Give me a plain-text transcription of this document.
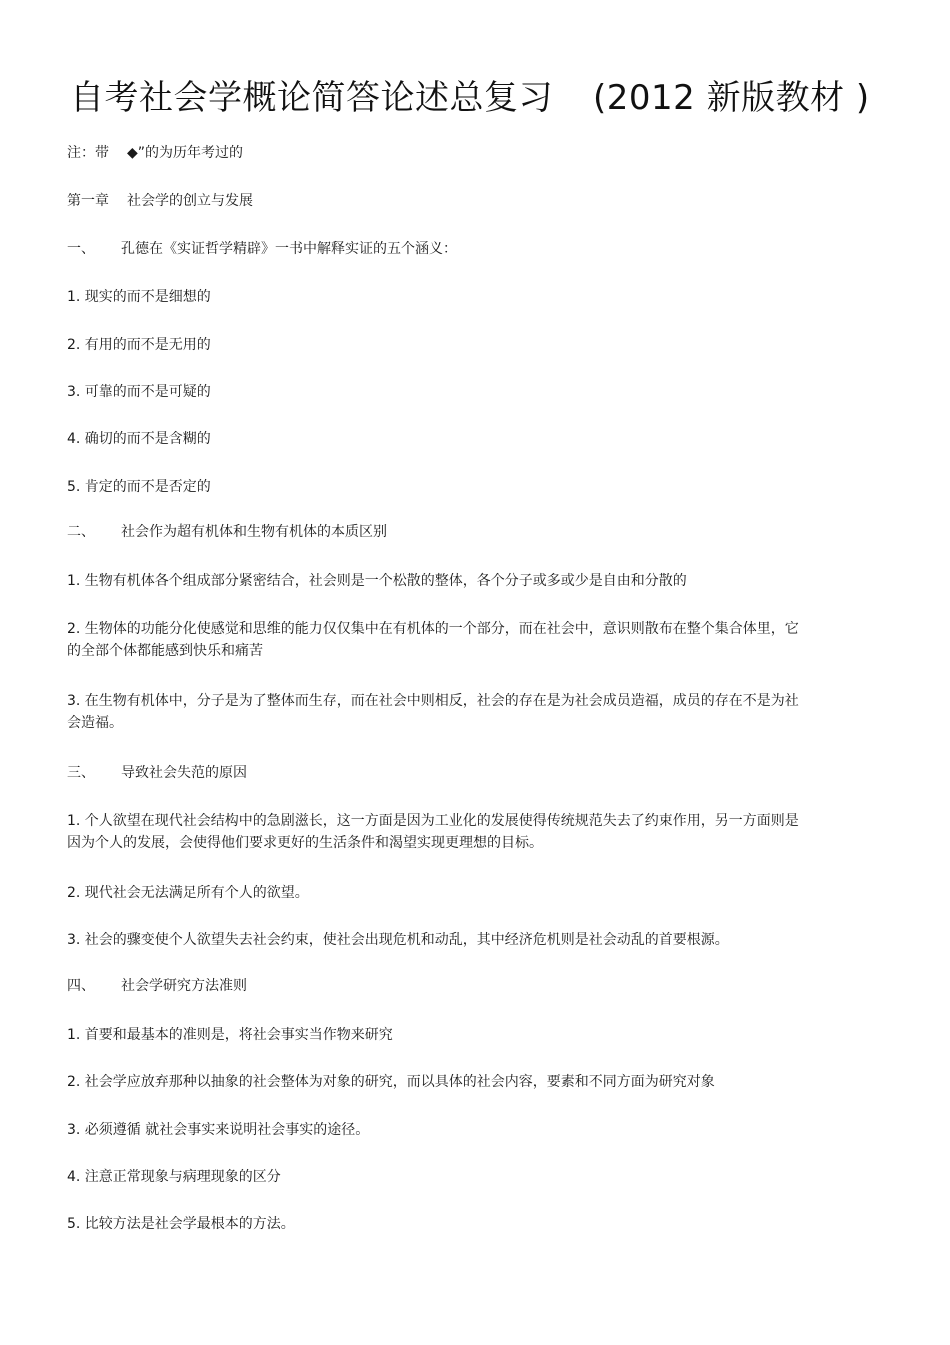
自考社会学概论简答论述总复习 (2012 新版教材 )
注：带 ◆”的为历年考过的
第一章 社会学的创立与发展
一、 孔德在《实证哲学精辟》一书中解释实证的五个涵义：
1. 现实的而不是细想的
2. 有用的而不是无用的
3. 可靠的而不是可疑的
4. 确切的而不是含糊的
5. 肯定的而不是否定的
二、 社会作为超有机体和生物有机体的本质区别
1. 生物有机体各个组成部分紧密结合，社会则是一个松散的整体，各个分子或多或少是自由和分散的
2. 生物体的功能分化使感觉和思维的能力仅仅集中在有机体的一个部分，而在社会中，意识则散布在整个集合体里，它的全部个体都能感到快乐和痛苦
3. 在生物有机体中，分子是为了整体而生存，而在社会中则相反，社会的存在是为社会成员造福，成员的存在不是为社会造福。
三、 导致社会失范的原因
1. 个人欲望在现代社会结构中的急剧滋长，这一方面是因为工业化的发展使得传统规范失去了约束作用，另一方面则是因为个人的发展，会使得他们要求更好的生活条件和渴望实现更理想的目标。
2. 现代社会无法满足所有个人的欲望。
3. 社会的骤变使个人欲望失去社会约束，使社会出现危机和动乱，其中经济危机则是社会动乱的首要根源。
四、 社会学研究方法准则
1. 首要和最基本的准则是，将社会事实当作物来研究
2. 社会学应放弃那种以抽象的社会整体为对象的研究，而以具体的社会内容，要素和不同方面为研究对象
3. 必须遵循 就社会事实来说明社会事实的途径。
4. 注意正常现象与病理现象的区分
5. 比较方法是社会学最根本的方法。
